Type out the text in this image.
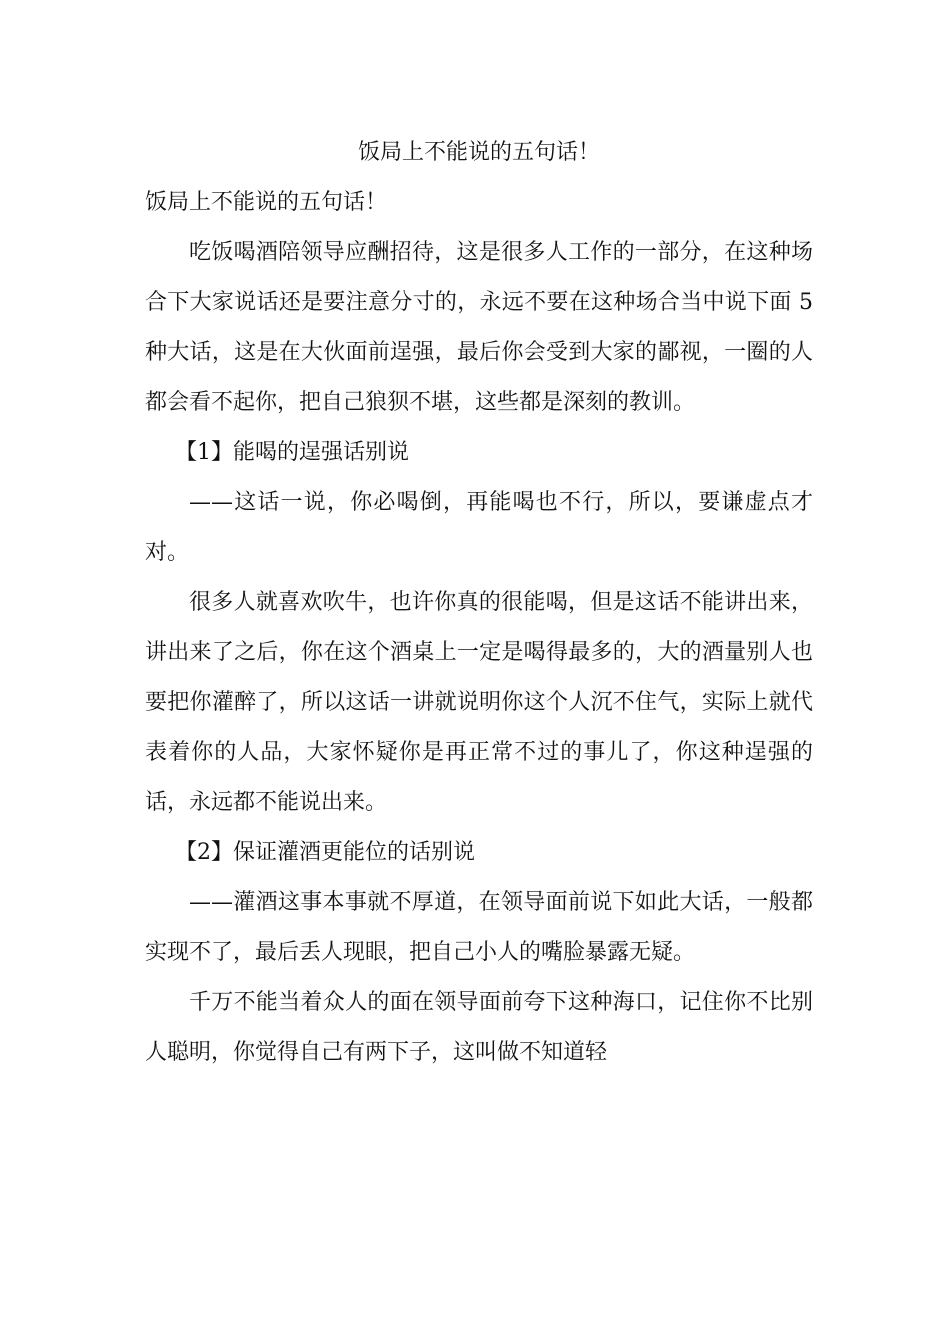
饭局上不能说的五句话！
饭局上不能说的五句话！

吃饭喝酒陪领导应酬招待，这是很多人工作的一部分，在这种场合下大家说话还是要注意分寸的，永远不要在这种场合当中说下面 5 种大话，这是在大伙面前逞强，最后你会受到大家的鄙视，一圈的人都会看不起你，把自己狼狈不堪，这些都是深刻的教训。

【1】能喝的逞强话别说

——这话一说，你必喝倒，再能喝也不行，所以，要谦虚点才对。

很多人就喜欢吹牛，也许你真的很能喝，但是这话不能讲出来，讲出来了之后，你在这个酒桌上一定是喝得最多的，大的酒量别人也要把你灌醉了，所以这话一讲就说明你这个人沉不住气，实际上就代表着你的人品，大家怀疑你是再正常不过的事儿了，你这种逞强的话，永远都不能说出来。

【2】保证灌酒更能位的话别说

——灌酒这事本事就不厚道，在领导面前说下如此大话，一般都实现不了，最后丢人现眼，把自己小人的嘴脸暴露无疑。

千万不能当着众人的面在领导面前夸下这种海口，记住你不比别人聪明，你觉得自己有两下子，这叫做不知道轻
